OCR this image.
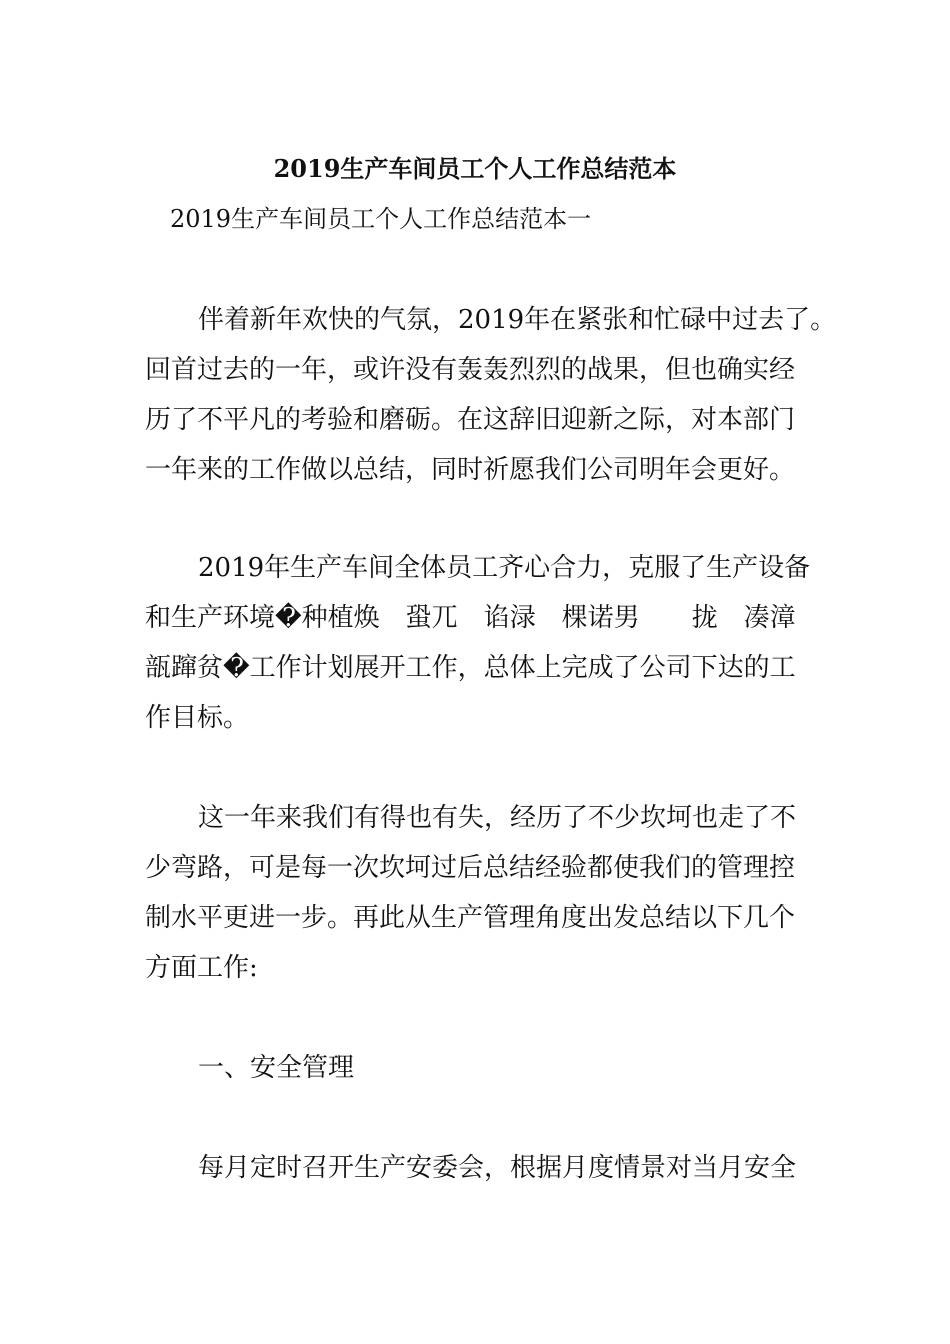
2019生产车间员工个人工作总结范本
2019生产车间员工个人工作总结范本一
伴着新年欢快的气氛，2019年在紧张和忙碌中过去了。
回首过去的一年，或许没有轰轰烈烈的战果，但也确实经
历了不平凡的考验和磨砺。在这辞旧迎新之际，对本部门
一年来的工作做以总结，同时祈愿我们公司明年会更好。
2019年生产车间全体员工齐心合力，克服了生产设备
和生产环境�种植焕　蛩兀　谄渌　棵诺男　　拢　凑漳
瓿蹿贫�工作计划展开工作，总体上完成了公司下达的工
作目标。
这一年来我们有得也有失，经历了不少坎坷也走了不
少弯路，可是每一次坎坷过后总结经验都使我们的管理控
制水平更进一步。再此从生产管理角度出发总结以下几个
方面工作:
一、安全管理
每月定时召开生产安委会，根据月度情景对当月安全
